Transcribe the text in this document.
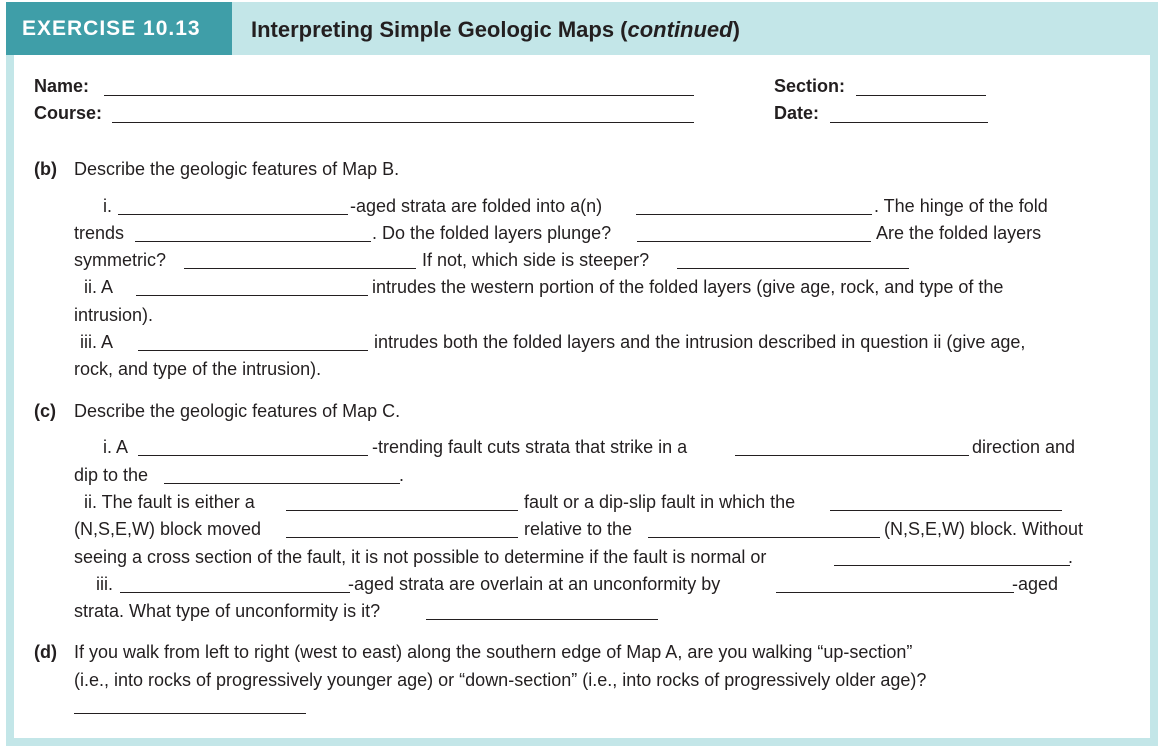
EXERCISE 10.13	Interpreting Simple Geologic Maps (continued)
Name:
Course:
Section:
Date:
(b) Describe the geologic features of Map B.
i.	-aged strata are folded into a(n)	. The hinge of the fold
trends	. Do the folded layers plunge?	Are the folded layers
symmetric?	If not, which side is steeper?
ii. A	intrudes the western portion of the folded layers (give age, rock, and type of the
intrusion).
iii. A	intrudes both the folded layers and the intrusion described in question ii (give age,
rock, and type of the intrusion).
(c) Describe the geologic features of Map C.
i. A	-trending fault cuts strata that strike in a	direction and
dip to the	.
ii. The fault is either a	fault or a dip-slip fault in which the
(N,S,E,W) block moved	relative to the	(N,S,E,W) block. Without
seeing a cross section of the fault, it is not possible to determine if the fault is normal or	.
iii.	-aged strata are overlain at an unconformity by	-aged
strata. What type of unconformity is it?
(d) If you walk from left to right (west to east) along the southern edge of Map A, are you walking “up-section”
(i.e., into rocks of progressively younger age) or “down-section” (i.e., into rocks of progressively older age)?
